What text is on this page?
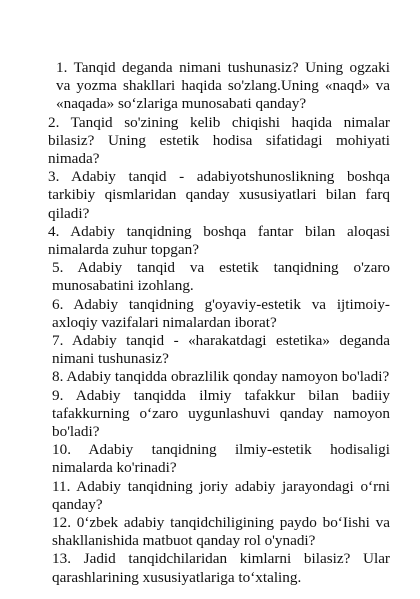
1. Tanqid deganda nimani tushunasiz? Uning ogzaki va yozma shakllari haqida so'zlang.Uning «naqd» va «naqada» so‘zlariga munosabati qanday?
2. Tanqid so'zining kelib chiqishi haqida nimalar bilasiz? Uning estetik hodisa sifatidagi mohiyati nimada?
3. Adabiy tanqid - adabiyotshunoslikning boshqa tarkibiy qismlaridan qanday xususiyatlari bilan farq qiladi?
4. Adabiy tanqidning boshqa fantar bilan aloqasi nimalarda zuhur topgan?
5. Adabiy tanqid va estetik tanqidning o'zaro munosabatini izohlang.
6. Adabiy tanqidning g'oyaviy-estetik va ijtimoiy-axloqiy vazifalari nimalardan iborat?
7. Adabiy tanqid - «harakatdagi estetika» deganda nimani tushunasiz?
8. Adabiy tanqidda obrazlilik qonday namoyon bo'ladi?
9. Adabiy tanqidda ilmiy tafakkur bilan badiiy tafakkurning o‘zaro uygunlashuvi qanday namoyon bo'ladi?
10. Adabiy tanqidning ilmiy-estetik hodisaligi nimalarda ko'rinadi?
11. Adabiy tanqidning joriy adabiy jarayondagi o‘rni qanday?
12. 0‘zbek adabiy tanqidchiligining paydo bo‘Iishi va shakllanishida matbuot qanday rol o'ynadi?
13. Jadid tanqidchilaridan kimlarni bilasiz? Ular qarashlarining xususiyatlariga to‘xtaling.
